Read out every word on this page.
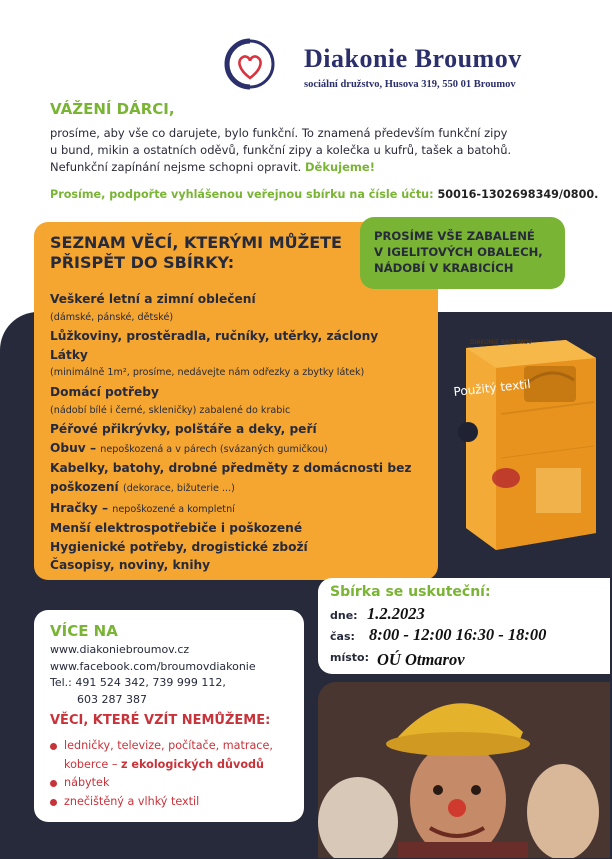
Diakonie Broumov
sociální družstvo, Husova 319, 550 01 Broumov
VÁŽENÍ DÁRCI,
prosíme, aby vše co darujete, bylo funkční. To znamená především funkční zipy
u bund, mikin a ostatních oděvů, funkční zipy a kolečka u kufrů, tašek a batohů.
Nefunkční zapínání nejsme schopni opravit. Děkujeme!
Prosíme, podpořte vyhlášenou veřejnou sbírku na čísle účtu: 50016-1302698349/0800.
SEZNAM VĚCÍ, KTERÝMI MŮŽETE
PŘISPĚT DO SBÍRKY:
Veškeré letní a zimní oblečení
(dámské, pánské, dětské)
Lůžkoviny, prostěradla, ručníky, utěrky, záclony
Látky
(minimálně 1m², prosíme, nedávejte nám odřezky a zbytky látek)
Domácí potřeby
(nádobí bílé i černé, skleničky) zabalené do krabic
Péřové přikrývky, polštáře a deky, peří
Obuv – nepoškozená a v párech (svázaných gumičkou)
Kabelky, batohy, drobné předměty z domácnosti bez
poškození (dekorace, bižuterie ...)
Hračky – nepoškozené a kompletní
Menší elektrospotřebiče i poškozené
Hygienické potřeby, drogistické zboží
Časopisy, noviny, knihy
PROSÍME VŠE ZABALENÉ
V IGELITOVÝCH OBALECH,
NÁDOBÍ V KRABICÍCH
DIAKONIE BROUMOV
Použitý textil
Sbírka se uskuteční:
dne: 1.2.2023
čas: 8:00 - 12:00 16:30 - 18:00
místo: OÚ Otmarov
VÍCE NA
www.diakoniebroumov.cz
www.facebook.com/broumovdiakonie
Tel.: 491 524 342, 739 999 112,
603 287 387
VĚCI, KTERÉ VZÍT NEMŮŽEME:
ledničky, televize, počítače, matrace,
koberce – z ekologických důvodů
nábytek
znečištěný a vlhký textil
